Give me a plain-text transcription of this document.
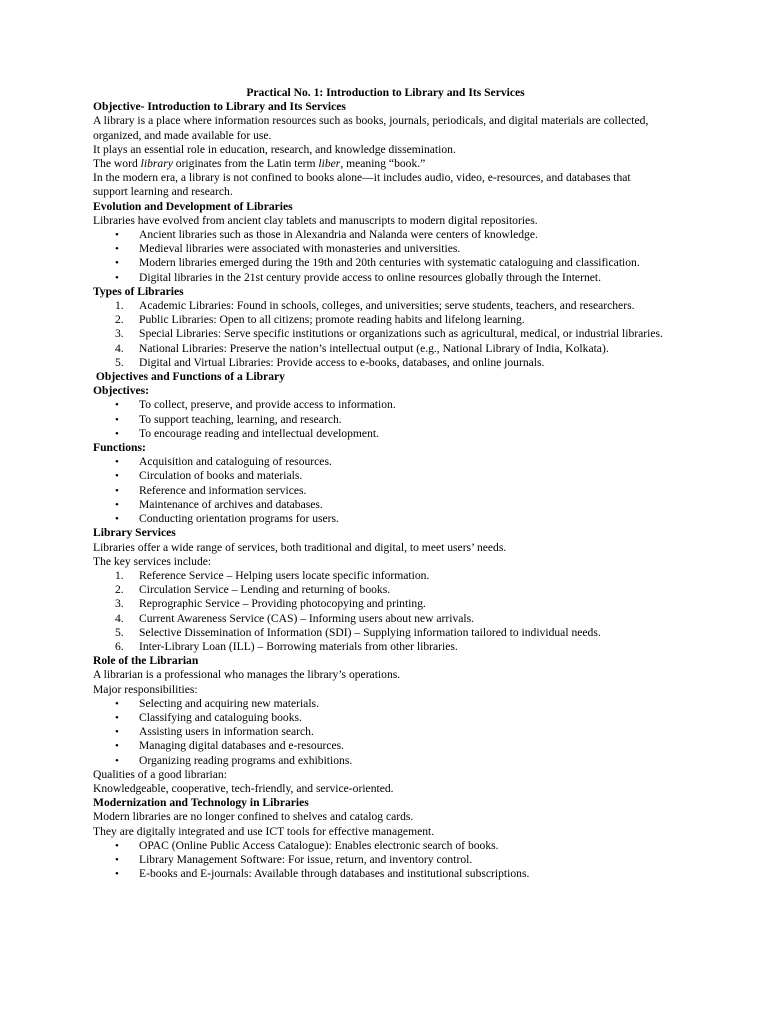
Practical No. 1: Introduction to Library and Its Services

Objective- Introduction to Library and Its Services

A library is a place where information resources such as books, journals, periodicals, and digital materials are collected, organized, and made available for use.

It plays an essential role in education, research, and knowledge dissemination.

The word library originates from the Latin term liber, meaning “book.”

In the modern era, a library is not confined to books alone—it includes audio, video, e-resources, and databases that support learning and research.

Evolution and Development of Libraries

Libraries have evolved from ancient clay tablets and manuscripts to modern digital repositories.

• Ancient libraries such as those in Alexandria and Nalanda were centers of knowledge.
• Medieval libraries were associated with monasteries and universities.
• Modern libraries emerged during the 19th and 20th centuries with systematic cataloguing and classification.
• Digital libraries in the 21st century provide access to online resources globally through the Internet.

Types of Libraries

1.	Academic Libraries: Found in schools, colleges, and universities; serve students, teachers, and researchers.
2.	Public Libraries: Open to all citizens; promote reading habits and lifelong learning.
3.	Special Libraries: Serve specific institutions or organizations such as agricultural, medical, or industrial libraries.
4.	National Libraries: Preserve the nation’s intellectual output (e.g., National Library of India, Kolkata).
5.	Digital and Virtual Libraries: Provide access to e-books, databases, and online journals.

Objectives and Functions of a Library

Objectives:

• To collect, preserve, and provide access to information.
• To support teaching, learning, and research.
• To encourage reading and intellectual development.

Functions:

• Acquisition and cataloguing of resources.
• Circulation of books and materials.
• Reference and information services.
• Maintenance of archives and databases.
• Conducting orientation programs for users.

Library Services

Libraries offer a wide range of services, both traditional and digital, to meet users’ needs.

The key services include:

1.	Reference Service – Helping users locate specific information.
2.	Circulation Service – Lending and returning of books.
3.	Reprographic Service – Providing photocopying and printing.
4.	Current Awareness Service (CAS) – Informing users about new arrivals.
5.	Selective Dissemination of Information (SDI) – Supplying information tailored to individual needs.
6.	Inter-Library Loan (ILL) – Borrowing materials from other libraries.

Role of the Librarian

A librarian is a professional who manages the library’s operations.

Major responsibilities:

• Selecting and acquiring new materials.
• Classifying and cataloguing books.
• Assisting users in information search.
• Managing digital databases and e-resources.
• Organizing reading programs and exhibitions.

Qualities of a good librarian:

Knowledgeable, cooperative, tech-friendly, and service-oriented.

Modernization and Technology in Libraries

Modern libraries are no longer confined to shelves and catalog cards.

They are digitally integrated and use ICT tools for effective management.

• OPAC (Online Public Access Catalogue): Enables electronic search of books.
• Library Management Software: For issue, return, and inventory control.
• E-books and E-journals: Available through databases and institutional subscriptions.
